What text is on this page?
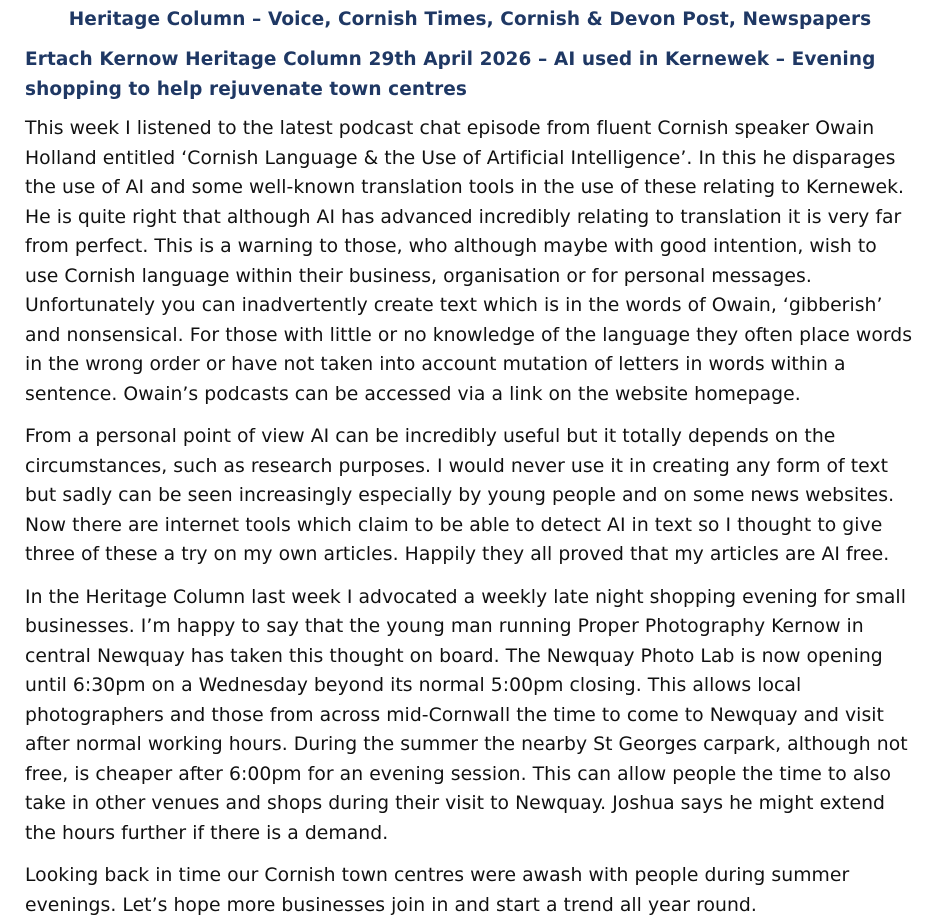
Heritage Column – Voice, Cornish Times, Cornish & Devon Post, Newspapers
Ertach Kernow Heritage Column 29th April 2026 – AI used in Kernewek – Evening shopping to help rejuvenate town centres

This week I listened to the latest podcast chat episode from fluent Cornish speaker Owain Holland entitled ‘Cornish Language & the Use of Artificial Intelligence’. In this he disparages the use of AI and some well-known translation tools in the use of these relating to Kernewek. He is quite right that although AI has advanced incredibly relating to translation it is very far from perfect. This is a warning to those, who although maybe with good intention, wish to use Cornish language within their business, organisation or for personal messages. Unfortunately you can inadvertently create text which is in the words of Owain, ‘gibberish’ and nonsensical. For those with little or no knowledge of the language they often place words in the wrong order or have not taken into account mutation of letters in words within a sentence. Owain’s podcasts can be accessed via a link on the website homepage.

From a personal point of view AI can be incredibly useful but it totally depends on the circumstances, such as research purposes. I would never use it in creating any form of text but sadly can be seen increasingly especially by young people and on some news websites. Now there are internet tools which claim to be able to detect AI in text so I thought to give three of these a try on my own articles. Happily they all proved that my articles are AI free.

In the Heritage Column last week I advocated a weekly late night shopping evening for small businesses. I’m happy to say that the young man running Proper Photography Kernow in central Newquay has taken this thought on board. The Newquay Photo Lab is now opening until 6:30pm on a Wednesday beyond its normal 5:00pm closing. This allows local photographers and those from across mid-Cornwall the time to come to Newquay and visit after normal working hours. During the summer the nearby St Georges carpark, although not free, is cheaper after 6:00pm for an evening session. This can allow people the time to also take in other venues and shops during their visit to Newquay. Joshua says he might extend the hours further if there is a demand.

Looking back in time our Cornish town centres were awash with people during summer evenings. Let’s hope more businesses join in and start a trend all year round.
